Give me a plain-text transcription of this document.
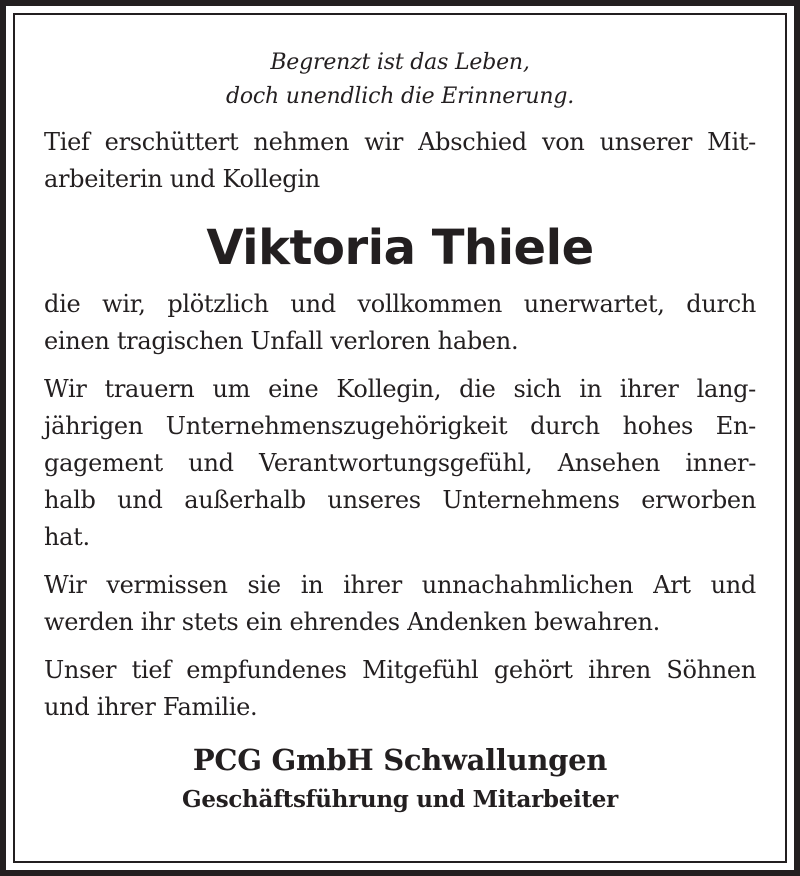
Begrenzt ist das Leben,
doch unendlich die Erinnerung.

Tief erschüttert nehmen wir Abschied von unserer Mit-
arbeiterin und Kollegin

Viktoria Thiele

die wir, plötzlich und vollkommen unerwartet, durch
einen tragischen Unfall verloren haben.

Wir trauern um eine Kollegin, die sich in ihrer lang-
jährigen Unternehmenszugehörigkeit durch hohes En-
gagement und Verantwortungsgefühl, Ansehen inner-
halb und außerhalb unseres Unternehmens erworben
hat.

Wir vermissen sie in ihrer unnachahmlichen Art und
werden ihr stets ein ehrendes Andenken bewahren.

Unser tief empfundenes Mitgefühl gehört ihren Söhnen
und ihrer Familie.

PCG GmbH Schwallungen
Geschäftsführung und Mitarbeiter
